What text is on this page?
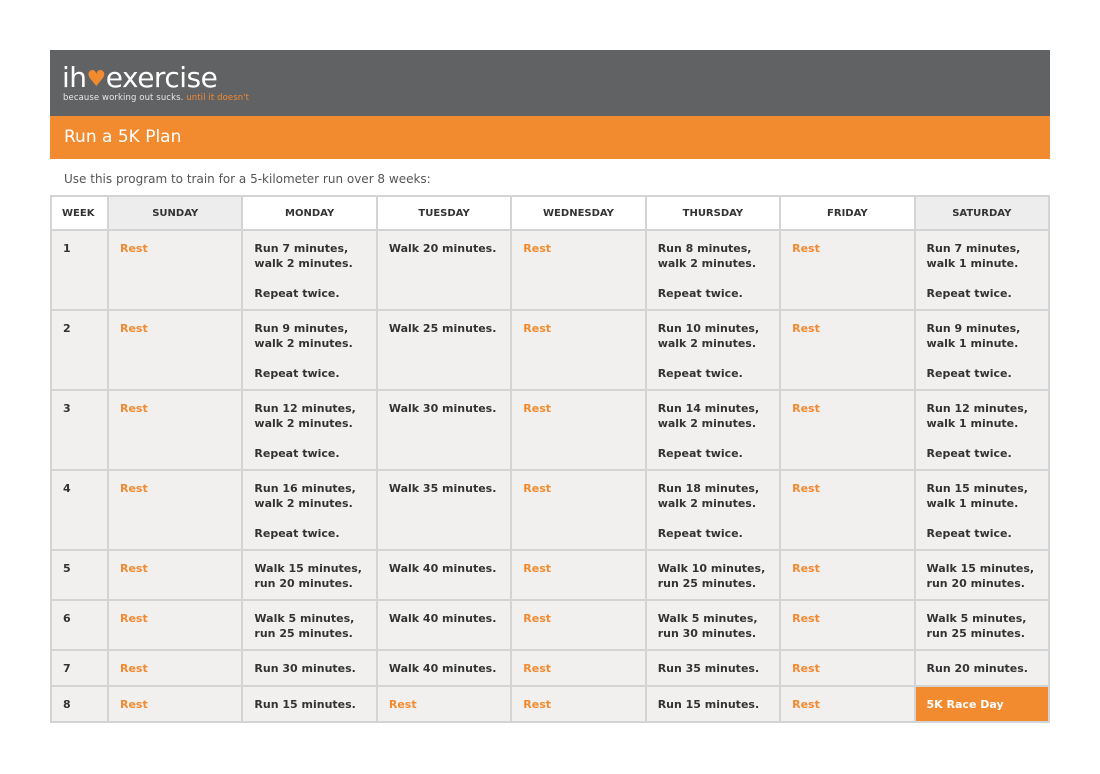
ih♥exercise
because working out sucks. until it doesn't
Run a 5K Plan
Use this program to train for a 5-kilometer run over 8 weeks:
WEEK	SUNDAY	MONDAY	TUESDAY	WEDNESDAY	THURSDAY	FRIDAY	SATURDAY
1	Rest	Run 7 minutes,
walk 2 minutes.
Repeat twice.	Walk 20 minutes.	Rest	Run 8 minutes,
walk 2 minutes.
Repeat twice.	Rest	Run 7 minutes,
walk 1 minute.
Repeat twice.

2	Rest	Run 9 minutes,
walk 2 minutes.
Repeat twice.	Walk 25 minutes.	Rest	Run 10 minutes,
walk 2 minutes.
Repeat twice.	Rest	Run 9 minutes,
walk 1 minute.
Repeat twice.

3	Rest	Run 12 minutes,
walk 2 minutes.
Repeat twice.	Walk 30 minutes.	Rest	Run 14 minutes,
walk 2 minutes.
Repeat twice.	Rest	Run 12 minutes,
walk 1 minute.
Repeat twice.

4	Rest	Run 16 minutes,
walk 2 minutes.
Repeat twice.	Walk 35 minutes.	Rest	Run 18 minutes,
walk 2 minutes.
Repeat twice.	Rest	Run 15 minutes,
walk 1 minute.
Repeat twice.

5	Rest	Walk 15 minutes,
run 20 minutes.	Walk 40 minutes.	Rest	Walk 10 minutes,
run 25 minutes.	Rest	Walk 15 minutes,
run 20 minutes.
6	Rest	Walk 5 minutes,
run 25 minutes.	Walk 40 minutes.	Rest	Walk 5 minutes,
run 30 minutes.	Rest	Walk 5 minutes,
run 25 minutes.
7	Rest	Run 30 minutes.	Walk 40 minutes.	Rest	Run 35 minutes.	Rest	Run 20 minutes.
8	Rest	Run 15 minutes.	Rest	Rest	Run 15 minutes.	Rest	5K Race Day
